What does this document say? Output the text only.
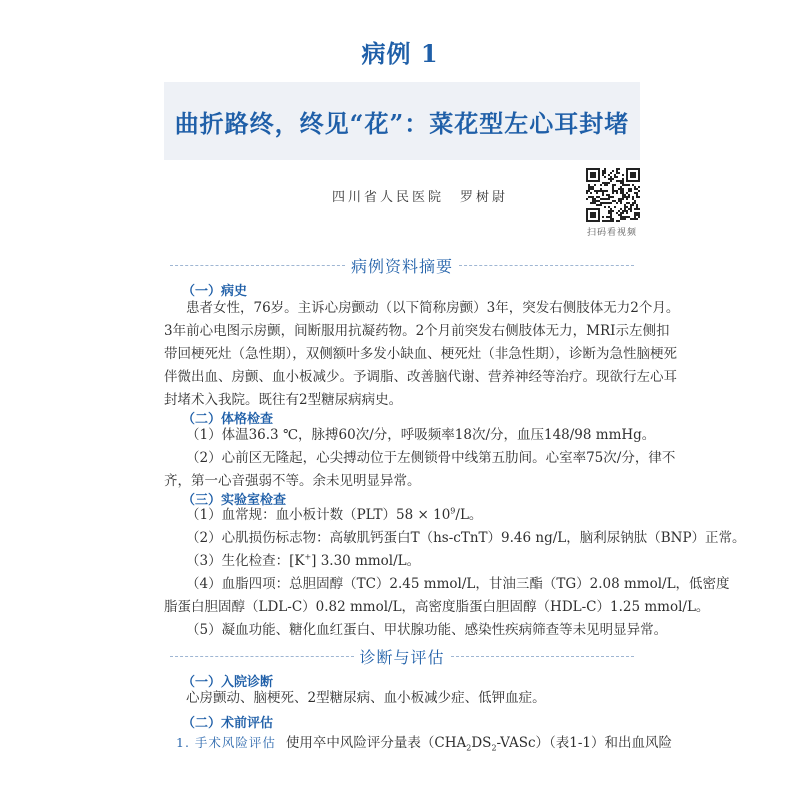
病例 1
曲折路终，终见“花”：菜花型左心耳封堵
四川省人民医院　罗树尉
扫码看视频
病例资料摘要
（一）病史
患者女性，76岁。主诉心房颤动（以下简称房颤）3年，突发右侧肢体无力2个月。
3年前心电图示房颤，间断服用抗凝药物。2个月前突发右侧肢体无力，MRI示左侧扣
带回梗死灶（急性期），双侧额叶多发小缺血、梗死灶（非急性期），诊断为急性脑梗死
伴微出血、房颤、血小板减少。予调脂、改善脑代谢、营养神经等治疗。现欲行左心耳
封堵术入我院。既往有2型糖尿病病史。
（二）体格检查
（1）体温36.3 ℃，脉搏60次/分，呼吸频率18次/分，血压148/98 mmHg。
（2）心前区无隆起，心尖搏动位于左侧锁骨中线第五肋间。心室率75次/分，律不
齐，第一心音强弱不等。余未见明显异常。
（三）实验室检查
（1）血常规：血小板计数$(PLT)58 \times 10^9/L$。
（2）心肌损伤标志物：高敏肌钙蛋白T（hs-cTnT）9.46 ng/L，脑利尿钠肽（BNP）正常。
（3）生化检查：[K+] 3.30 mmol/L。
（4）血脂四项：总胆固醇（TC）2.45 mmol/L，甘油三酯（TG）2.08 mmol/L，低密度
脂蛋白胆固醇（LDL-C）0.82 mmol/L，高密度脂蛋白胆固醇（HDL-C）1.25 mmol/L。
（5）凝血功能、糖化血红蛋白、甲状腺功能、感染性疾病筛查等未见明显异常。
诊断与评估
（一）入院诊断
心房颤动、脑梗死、2型糖尿病、血小板减少症、低钾血症。
（二）术前评估
1. 手术风险评估 使用卒中风险评分量表$(CHA_2DS_2-VASc)$（表1-1）和出血风险
